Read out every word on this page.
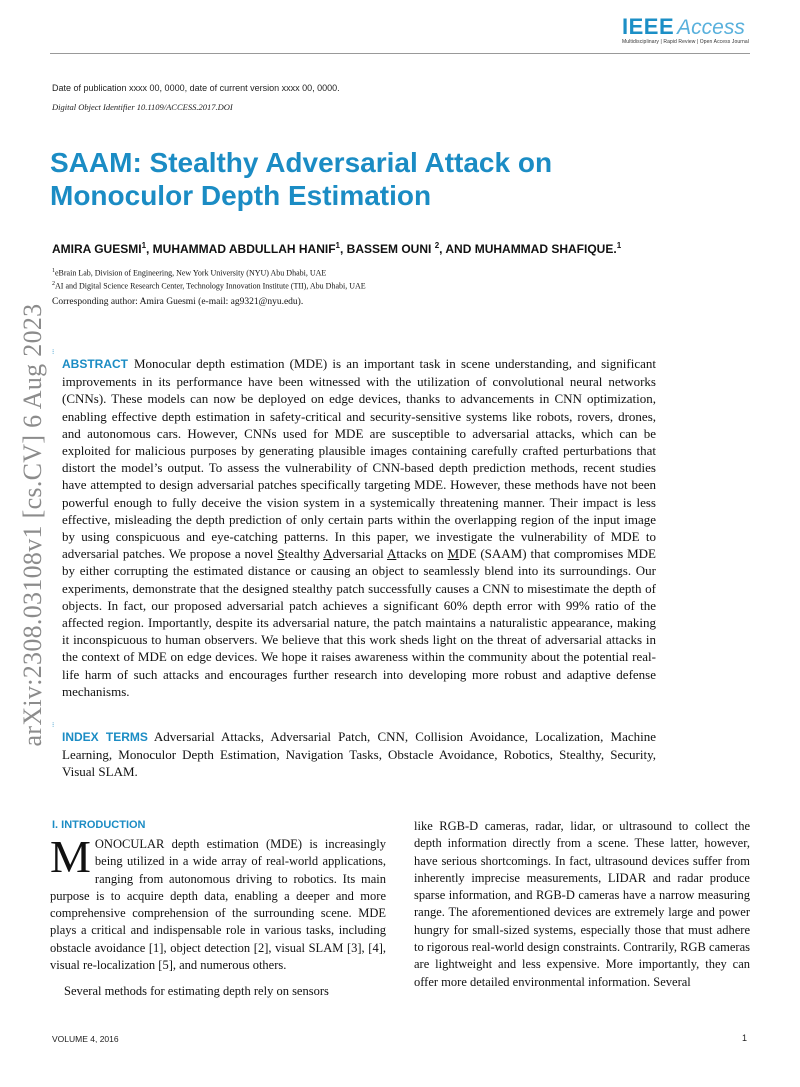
IEEE Access
Multidisciplinary | Rapid Review | Open Access Journal
Date of publication xxxx 00, 0000, date of current version xxxx 00, 0000.
Digital Object Identifier 10.1109/ACCESS.2017.DOI
arXiv:2308.03108v1 [cs.CV] 6 Aug 2023
SAAM: Stealthy Adversarial Attack on Monoculor Depth Estimation
AMIRA GUESMI$^1$, MUHAMMAD ABDULLAH HANIF$^1$, BASSEM OUNI $^2$, AND MUHAMMAD SHAFIQUE.$^1$
$^1$eBrain Lab, Division of Engineering, New York University (NYU) Abu Dhabi, UAE
$^2$AI and Digital Science Research Center, Technology Innovation Institute (TII), Abu Dhabi, UAE
Corresponding author: Amira Guesmi (e-mail: ag9321@nyu.edu).
⁝

ABSTRACT Monocular depth estimation (MDE) is an important task in scene understanding, and significant improvements in its performance have been witnessed with the utilization of convolutional neural networks (CNNs). These models can now be deployed on edge devices, thanks to advancements in CNN optimization, enabling effective depth estimation in safety-critical and security-sensitive systems like robots, rovers, drones, and autonomous cars. However, CNNs used for MDE are susceptible to adversarial attacks, which can be exploited for malicious purposes by generating plausible images containing carefully crafted perturbations that distort the model’s output. To assess the vulnerability of CNN-based depth prediction methods, recent studies have attempted to design adversarial patches specifically targeting MDE. However, these methods have not been powerful enough to fully deceive the vision system in a systemically threatening manner. Their impact is less effective, misleading the depth prediction of only certain parts within the overlapping region of the input image by using conspicuous and eye-catching patterns. In this paper, we investigate the vulnerability of MDE to adversarial patches. We propose a novel Stealthy Adversarial Attacks on MDE (SAAM) that compromises MDE by either corrupting the estimated distance or causing an object to seamlessly blend into its surroundings. Our experiments, demonstrate that the designed stealthy patch successfully causes a CNN to misestimate the depth of objects. In fact, our proposed adversarial patch achieves a significant 60% depth error with 99% ratio of the affected region. Importantly, despite its adversarial nature, the patch maintains a naturalistic appearance, making it inconspicuous to human observers. We believe that this work sheds light on the threat of adversarial attacks in the context of MDE on edge devices. We hope it raises awareness within the community about the potential real-life harm of such attacks and encourages further research into developing more robust and adaptive defense mechanisms.

⁝

INDEX TERMS Adversarial Attacks, Adversarial Patch, CNN, Collision Avoidance, Localization, Machine Learning, Monoculor Depth Estimation, Navigation Tasks, Obstacle Avoidance, Robotics, Stealthy, Security, Visual SLAM.

I. INTRODUCTION

MONOCULAR depth estimation (MDE) is increasingly being utilized in a wide array of real-world applications, ranging from autonomous driving to robotics. Its main purpose is to acquire depth data, enabling a deeper and more comprehensive comprehension of the surrounding scene. MDE plays a critical and indispensable role in various tasks, including obstacle avoidance [1], object detection [2], visual SLAM [3], [4], visual re-localization [5], and numerous others.
Several methods for estimating depth rely on sensors

like RGB-D cameras, radar, lidar, or ultrasound to collect the depth information directly from a scene. These latter, however, have serious shortcomings. In fact, ultrasound devices suffer from inherently imprecise measurements, LIDAR and radar produce sparse information, and RGB-D cameras have a narrow measuring range. The aforementioned devices are extremely large and power hungry for small-sized systems, especially those that must adhere to rigorous real-world design constraints. Contrarily, RGB cameras are lightweight and less expensive. More importantly, they can offer more detailed environmental information. Several

VOLUME 4, 2016	1
